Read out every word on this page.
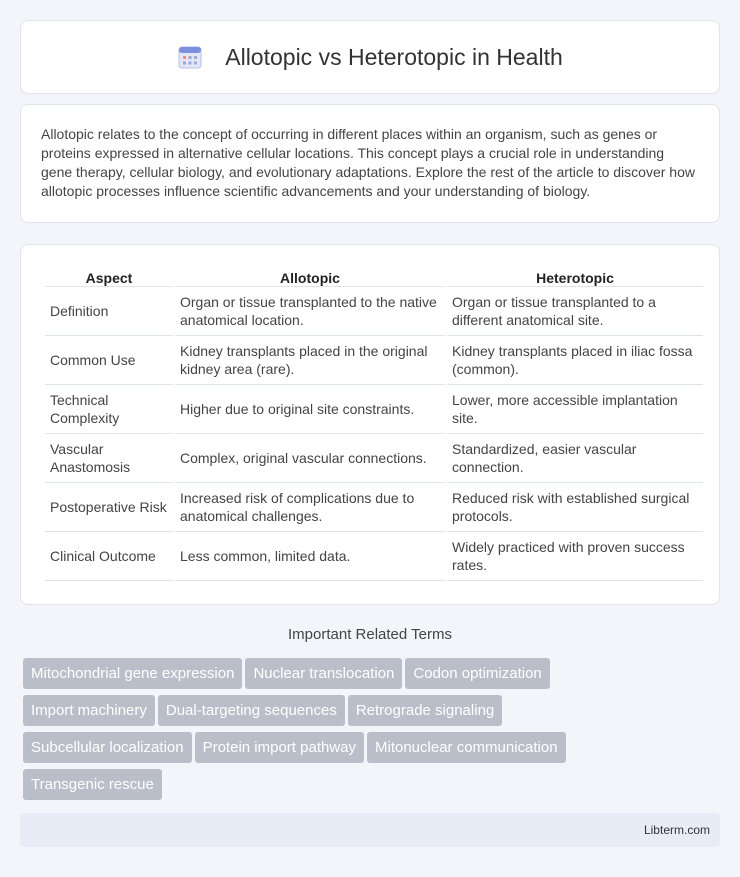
Allotopic vs Heterotopic in Health

Allotopic relates to the concept of occurring in different places within an organism, such as genes or proteins expressed in alternative cellular locations. This concept plays a crucial role in understanding gene therapy, cellular biology, and evolutionary adaptations. Explore the rest of the article to discover how allotopic processes influence scientific advancements and your understanding of biology.

Aspect	Allotopic	Heterotopic
Definition	Organ or tissue transplanted to the native anatomical location.	Organ or tissue transplanted to a different anatomical site.
Common Use	Kidney transplants placed in the original kidney area (rare).	Kidney transplants placed in iliac fossa (common).
Technical Complexity	Higher due to original site constraints.	Lower, more accessible implantation site.
Vascular Anastomosis	Complex, original vascular connections.	Standardized, easier vascular connection.
Postoperative Risk	Increased risk of complications due to anatomical challenges.	Reduced risk with established surgical protocols.
Clinical Outcome	Less common, limited data.	Widely practiced with proven success rates.
Important Related Terms
Mitochondrial gene expression Nuclear translocation Codon optimization
Import machinery Dual-targeting sequences Retrograde signaling
Subcellular localization Protein import pathway Mitonuclear communication
Transgenic rescue
Libterm.com
